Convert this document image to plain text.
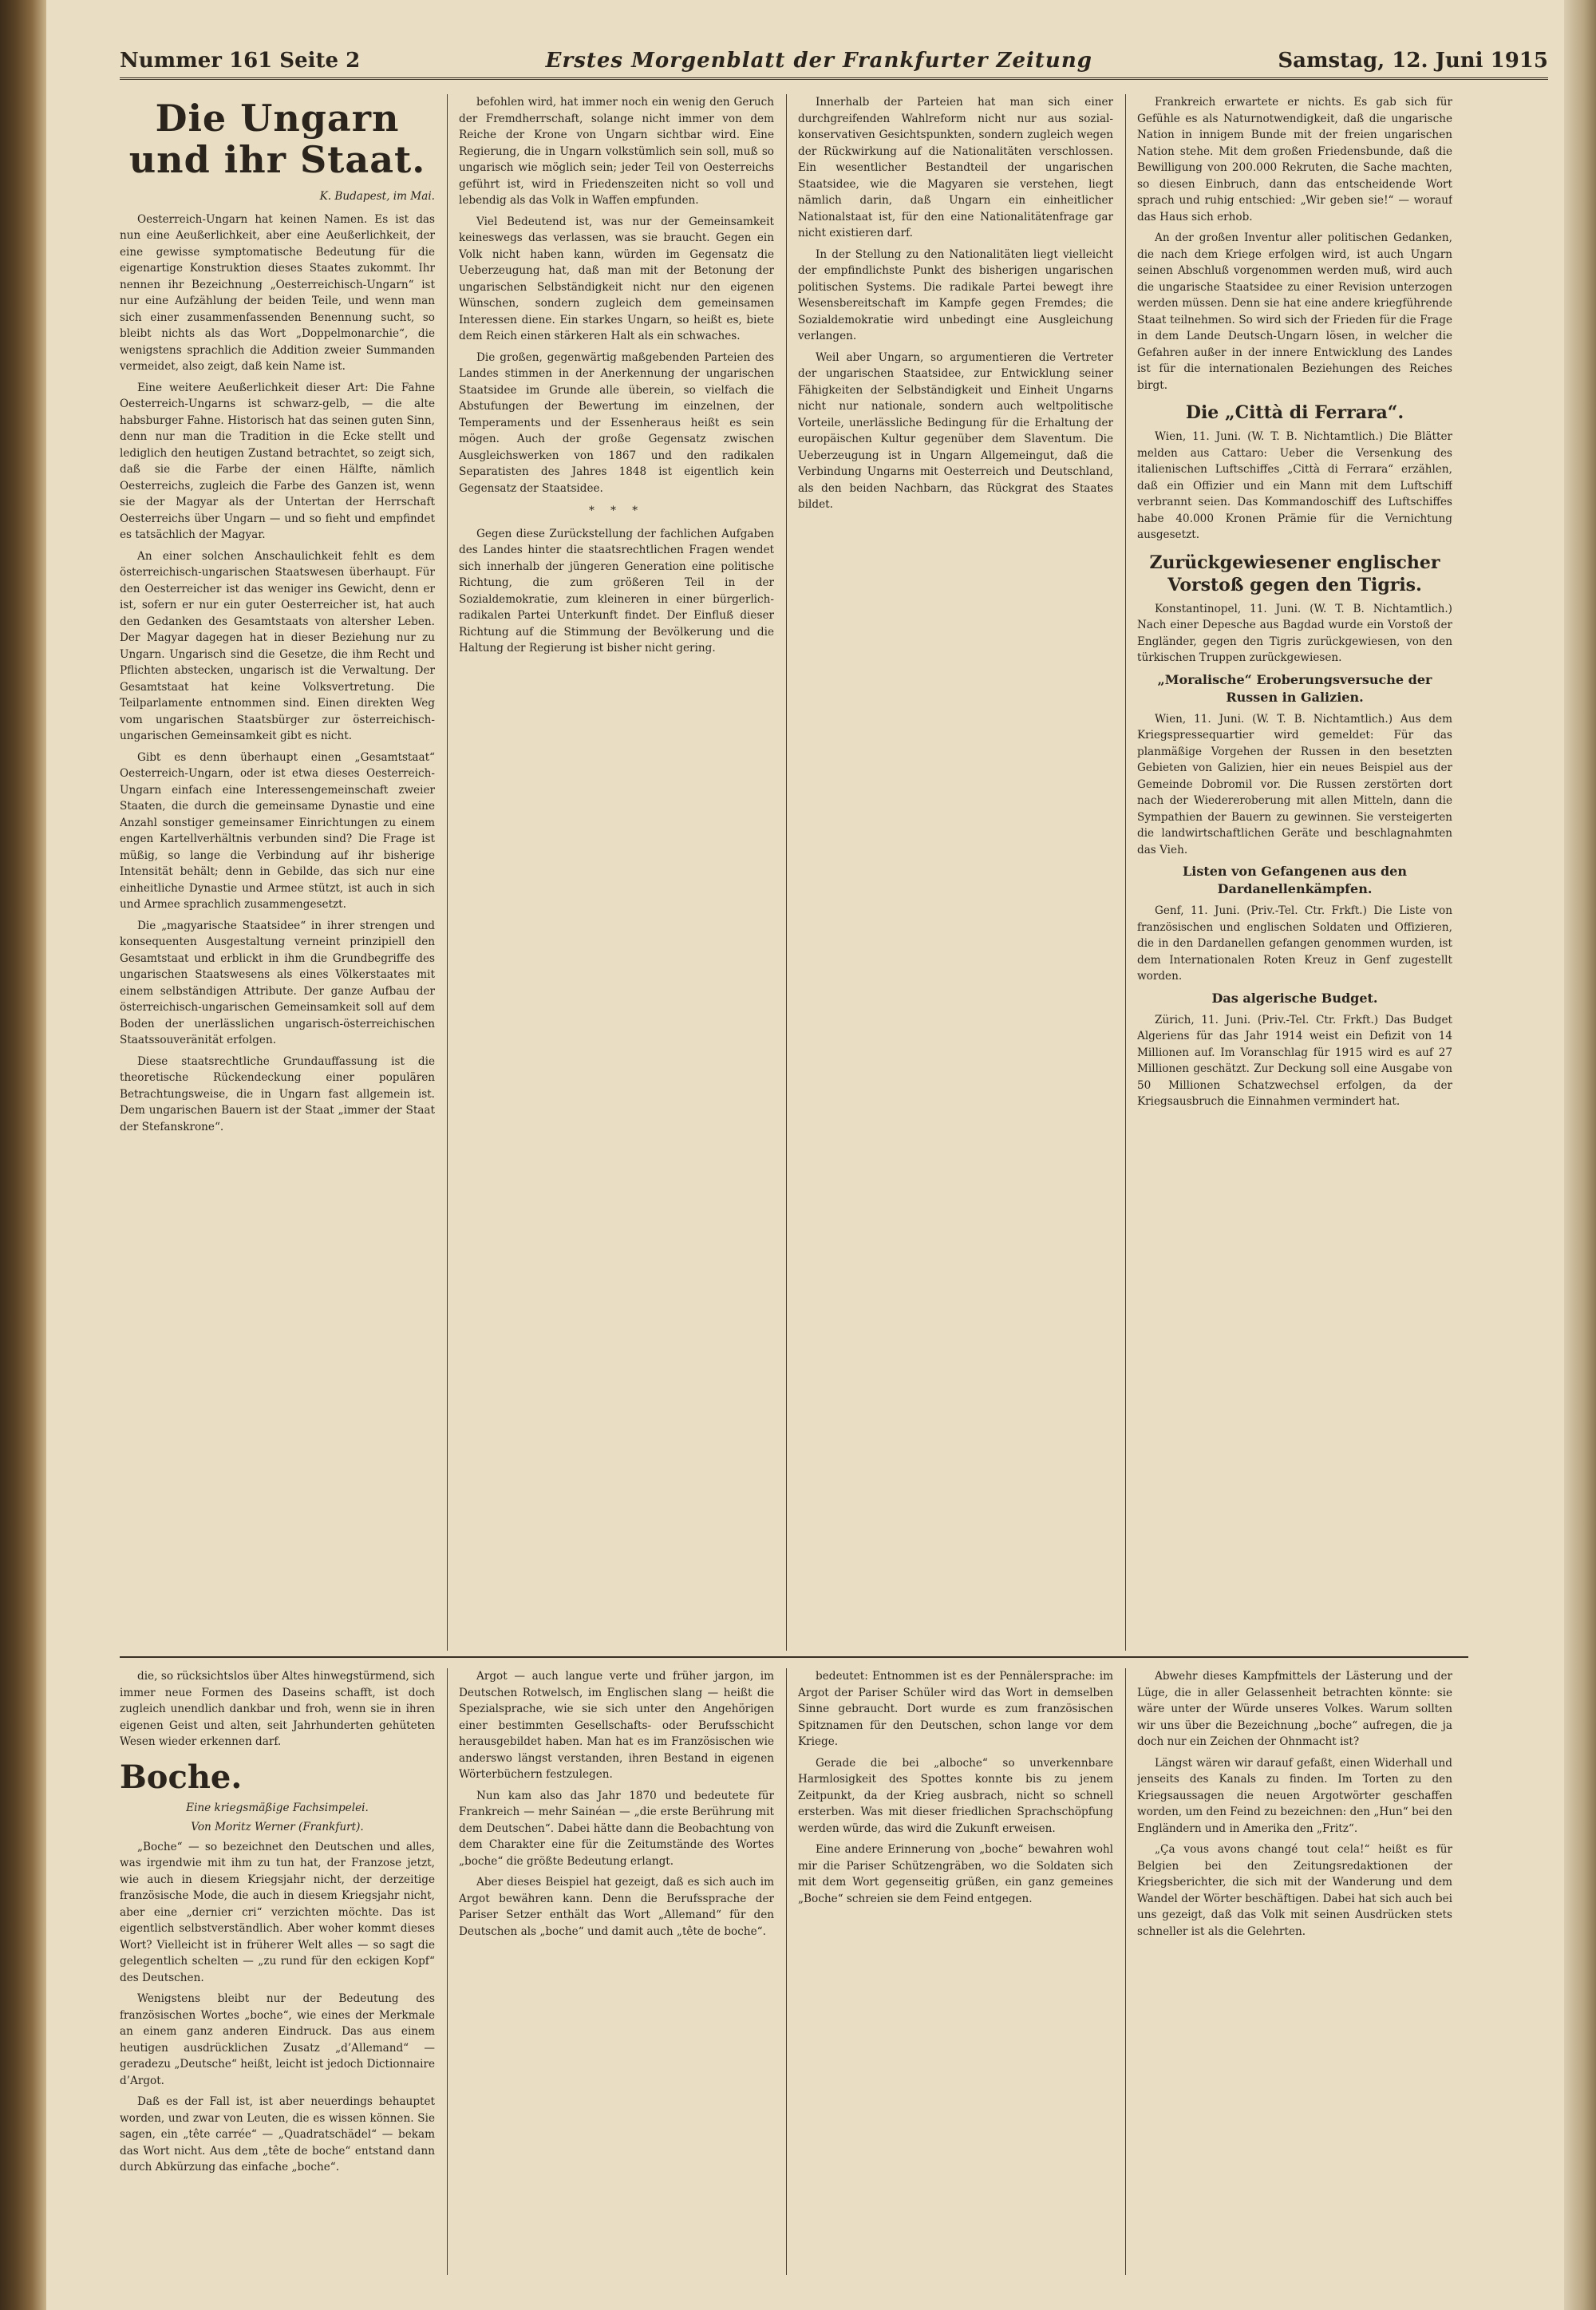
Nummer 161 Seite 2	Erstes Morgenblatt der Frankfurter Zeitung	Samstag, 12. Juni 1915
Die Ungarn und ihr Staat.
K. Budapest, im Mai.

Oesterreich-Ungarn hat keinen Namen. Es ist das nun eine Aeußerlichkeit, aber eine Aeußerlichkeit, der eine gewisse symptomatische Bedeutung für die eigenartige Konstruktion dieses Staates zukommt. Ihr nennen ihr Bezeichnung „Oesterreichisch-Ungarn“ ist nur eine Aufzählung der beiden Teile, und wenn man sich einer zusammenfassenden Benennung sucht, so bleibt nichts als das Wort „Doppelmonarchie“, die wenigstens sprachlich die Addition zweier Summanden vermeidet, also zeigt, daß kein Name ist.

Eine weitere Aeußerlichkeit dieser Art: Die Fahne Oesterreich-Ungarns ist schwarz-gelb, — die alte habsburger Fahne. Historisch hat das seinen guten Sinn, denn nur man die Tradition in die Ecke stellt und lediglich den heutigen Zustand betrachtet, so zeigt sich, daß sie die Farbe der einen Hälfte, nämlich Oesterreichs, zugleich die Farbe des Ganzen ist, wenn sie der Magyar als der Untertan der Herrschaft Oesterreichs über Ungarn — und so fieht und empfindet es tatsächlich der Magyar.

An einer solchen Anschaulichkeit fehlt es dem österreichisch-ungarischen Staatswesen überhaupt. Für den Oesterreicher ist das weniger ins Gewicht, denn er ist, sofern er nur ein guter Oesterreicher ist, hat auch den Gedanken des Gesamtstaats von altersher Leben. Der Magyar dagegen hat in dieser Beziehung nur zu Ungarn. Ungarisch sind die Gesetze, die ihm Recht und Pflichten abstecken, ungarisch ist die Verwaltung. Der Gesamtstaat hat keine Volksvertretung. Die Teilparlamente entnommen sind. Einen direkten Weg vom ungarischen Staatsbürger zur österreichisch-ungarischen Gemeinsamkeit gibt es nicht.

Gibt es denn überhaupt einen „Gesamtstaat“ Oesterreich-Ungarn, oder ist etwa dieses Oesterreich-Ungarn einfach eine Interessengemeinschaft zweier Staaten, die durch die gemeinsame Dynastie und eine Anzahl sonstiger gemeinsamer Einrichtungen zu einem engen Kartellverhältnis verbunden sind? Die Frage ist müßig, so lange die Verbindung auf ihr bisherige Intensität behält; denn in Gebilde, das sich nur eine einheitliche Dynastie und Armee stützt, ist auch in sich und Armee sprachlich zusammengesetzt.

Die „magyarische Staatsidee“ in ihrer strengen und konsequenten Ausgestaltung verneint prinzipiell den Gesamtstaat und erblickt in ihm die Grundbegriffe des ungarischen Staatswesens als eines Völkerstaates mit einem selbständigen Attribute. Der ganze Aufbau der österreichisch-ungarischen Gemeinsamkeit soll auf dem Boden der unerlässlichen ungarisch-österreichischen Staatssouveränität erfolgen.

Diese staatsrechtliche Grundauffassung ist die theoretische Rückendeckung einer populären Betrachtungsweise, die in Ungarn fast allgemein ist. Dem ungarischen Bauern ist der Staat „immer der Staat der Stefanskrone“.

befohlen wird, hat immer noch ein wenig den Geruch der Fremdherrschaft, solange nicht immer von dem Reiche der Krone von Ungarn sichtbar wird. Eine Regierung, die in Ungarn volkstümlich sein soll, muß so ungarisch wie möglich sein; jeder Teil von Oesterreichs geführt ist, wird in Friedenszeiten nicht so voll und lebendig als das Volk in Waffen empfunden.

Viel Bedeutend ist, was nur der Gemeinsamkeit keineswegs das verlassen, was sie braucht. Gegen ein Volk nicht haben kann, würden im Gegensatz die Ueberzeugung hat, daß man mit der Betonung der ungarischen Selbständigkeit nicht nur den eigenen Wünschen, sondern zugleich dem gemeinsamen Interessen diene. Ein starkes Ungarn, so heißt es, biete dem Reich einen stärkeren Halt als ein schwaches.

Die großen, gegenwärtig maßgebenden Parteien des Landes stimmen in der Anerkennung der ungarischen Staatsidee im Grunde alle überein, so vielfach die Abstufungen der Bewertung im einzelnen, der Temperaments und der Essenheraus heißt es sein mögen. Auch der große Gegensatz zwischen Ausgleichswerken von 1867 und den radikalen Separatisten des Jahres 1848 ist eigentlich kein Gegensatz der Staatsidee.

* * *

Gegen diese Zurückstellung der fachlichen Aufgaben des Landes hinter die staatsrechtlichen Fragen wendet sich innerhalb der jüngeren Generation eine politische Richtung, die zum größeren Teil in der Sozialdemokratie, zum kleineren in einer bürgerlich-radikalen Partei Unterkunft findet. Der Einfluß dieser Richtung auf die Stimmung der Bevölkerung und die Haltung der Regierung ist bisher nicht gering.

Innerhalb der Parteien hat man sich einer durchgreifenden Wahlreform nicht nur aus sozial-konservativen Gesichtspunkten, sondern zugleich wegen der Rückwirkung auf die Nationalitäten verschlossen. Ein wesentlicher Bestandteil der ungarischen Staatsidee, wie die Magyaren sie verstehen, liegt nämlich darin, daß Ungarn ein einheitlicher Nationalstaat ist, für den eine Nationalitätenfrage gar nicht existieren darf.

In der Stellung zu den Nationalitäten liegt vielleicht der empfindlichste Punkt des bisherigen ungarischen politischen Systems. Die radikale Partei bewegt ihre Wesensbereitschaft im Kampfe gegen Fremdes; die Sozialdemokratie wird unbedingt eine Ausgleichung verlangen.

Weil aber Ungarn, so argumentieren die Vertreter der ungarischen Staatsidee, zur Entwicklung seiner Fähigkeiten der Selbständigkeit und Einheit Ungarns nicht nur nationale, sondern auch weltpolitische Vorteile, unerlässliche Bedingung für die Erhaltung der europäischen Kultur gegenüber dem Slaventum. Die Ueberzeugung ist in Ungarn Allgemeingut, daß die Verbindung Ungarns mit Oesterreich und Deutschland, als den beiden Nachbarn, das Rückgrat des Staates bildet.

Frankreich erwartete er nichts. Es gab sich für Gefühle es als Naturnotwendigkeit, daß die ungarische Nation in innigem Bunde mit der freien ungarischen Nation stehe. Mit dem großen Friedensbunde, daß die Bewilligung von 200.000 Rekruten, die Sache machten, so diesen Einbruch, dann das entscheidende Wort sprach und ruhig entschied: „Wir geben sie!“ — worauf das Haus sich erhob.

An der großen Inventur aller politischen Gedanken, die nach dem Kriege erfolgen wird, ist auch Ungarn seinen Abschluß vorgenommen werden muß, wird auch die ungarische Staatsidee zu einer Revision unterzogen werden müssen. Denn sie hat eine andere kriegführende Staat teilnehmen. So wird sich der Frieden für die Frage in dem Lande Deutsch-Ungarn lösen, in welcher die Gefahren außer in der innere Entwicklung des Landes ist für die internationalen Beziehungen des Reiches birgt.

Die „Città di Ferrara“.

Wien, 11. Juni. (W. T. B. Nichtamtlich.) Die Blätter melden aus Cattaro: Ueber die Versenkung des italienischen Luftschiffes „Città di Ferrara“ erzählen, daß ein Offizier und ein Mann mit dem Luftschiff verbrannt seien. Das Kommandoschiff des Luftschiffes habe 40.000 Kronen Prämie für die Vernichtung ausgesetzt.

Zurückgewiesener englischer Vorstoß gegen den Tigris.

Konstantinopel, 11. Juni. (W. T. B. Nichtamtlich.) Nach einer Depesche aus Bagdad wurde ein Vorstoß der Engländer, gegen den Tigris zurückgewiesen, von den türkischen Truppen zurückgewiesen.

„Moralische“ Eroberungsversuche der Russen in Galizien.

Wien, 11. Juni. (W. T. B. Nichtamtlich.) Aus dem Kriegspressequartier wird gemeldet: Für das planmäßige Vorgehen der Russen in den besetzten Gebieten von Galizien, hier ein neues Beispiel aus der Gemeinde Dobromil vor. Die Russen zerstörten dort nach der Wiedereroberung mit allen Mitteln, dann die Sympathien der Bauern zu gewinnen. Sie versteigerten die landwirtschaftlichen Geräte und beschlagnahmten das Vieh.

Listen von Gefangenen aus den Dardanellenkämpfen.

Genf, 11. Juni. (Priv.-Tel. Ctr. Frkft.) Die Liste von französischen und englischen Soldaten und Offizieren, die in den Dardanellen gefangen genommen wurden, ist dem Internationalen Roten Kreuz in Genf zugestellt worden.

Das algerische Budget.

Zürich, 11. Juni. (Priv.-Tel. Ctr. Frkft.) Das Budget Algeriens für das Jahr 1914 weist ein Defizit von 14 Millionen auf. Im Voranschlag für 1915 wird es auf 27 Millionen geschätzt. Zur Deckung soll eine Ausgabe von 50 Millionen Schatzwechsel erfolgen, da der Kriegsausbruch die Einnahmen vermindert hat.

die, so rücksichtslos über Altes hinwegstürmend, sich immer neue Formen des Daseins schafft, ist doch zugleich unendlich dankbar und froh, wenn sie in ihren eigenen Geist und alten, seit Jahrhunderten gehüteten Wesen wieder erkennen darf.

Boche.
Eine kriegsmäßige Fachsimpelei.
Von Moritz Werner (Frankfurt).

„Boche“ — so bezeichnet den Deutschen und alles, was irgendwie mit ihm zu tun hat, der Franzose jetzt, wie auch in diesem Kriegsjahr nicht, der derzeitige französische Mode, die auch in diesem Kriegsjahr nicht, aber eine „dernier cri“ verzichten möchte. Das ist eigentlich selbstverständlich. Aber woher kommt dieses Wort? Vielleicht ist in früherer Welt alles — so sagt die gelegentlich schelten — „zu rund für den eckigen Kopf“ des Deutschen.

Wenigstens bleibt nur der Bedeutung des französischen Wortes „boche“, wie eines der Merkmale an einem ganz anderen Eindruck. Das aus einem heutigen ausdrücklichen Zusatz „d’Allemand“ — geradezu „Deutsche“ heißt, leicht ist jedoch Dictionnaire d’Argot.

Daß es der Fall ist, ist aber neuerdings behauptet worden, und zwar von Leuten, die es wissen können. Sie sagen, ein „tête carrée“ — „Quadratschädel“ — bekam das Wort nicht. Aus dem „tête de boche“ entstand dann durch Abkürzung das einfache „boche“.

Argot — auch langue verte und früher jargon, im Deutschen Rotwelsch, im Englischen slang — heißt die Spezialsprache, wie sie sich unter den Angehörigen einer bestimmten Gesellschafts- oder Berufsschicht herausgebildet haben. Man hat es im Französischen wie anderswo längst verstanden, ihren Bestand in eigenen Wörterbüchern festzulegen.

Nun kam also das Jahr 1870 und bedeutete für Frankreich — mehr Sainéan — „die erste Berührung mit dem Deutschen“. Dabei hätte dann die Beobachtung von dem Charakter eine für die Zeitumstände des Wortes „boche“ die größte Bedeutung erlangt.

Aber dieses Beispiel hat gezeigt, daß es sich auch im Argot bewähren kann. Denn die Berufssprache der Pariser Setzer enthält das Wort „Allemand“ für den Deutschen als „boche“ und damit auch „tête de boche“.

bedeutet: Entnommen ist es der Pennälersprache: im Argot der Pariser Schüler wird das Wort in demselben Sinne gebraucht. Dort wurde es zum französischen Spitznamen für den Deutschen, schon lange vor dem Kriege.

Gerade die bei „alboche“ so unverkennbare Harmlosigkeit des Spottes konnte bis zu jenem Zeitpunkt, da der Krieg ausbrach, nicht so schnell ersterben. Was mit dieser friedlichen Sprachschöpfung werden würde, das wird die Zukunft erweisen.

Eine andere Erinnerung von „boche“ bewahren wohl mir die Pariser Schützengräben, wo die Soldaten sich mit dem Wort gegenseitig grüßen, ein ganz gemeines „Boche“ schreien sie dem Feind entgegen.

Abwehr dieses Kampfmittels der Lästerung und der Lüge, die in aller Gelassenheit betrachten könnte: sie wäre unter der Würde unseres Volkes. Warum sollten wir uns über die Bezeichnung „boche“ aufregen, die ja doch nur ein Zeichen der Ohnmacht ist?

Längst wären wir darauf gefaßt, einen Widerhall und jenseits des Kanals zu finden. Im Torten zu den Kriegsaussagen die neuen Argotwörter geschaffen worden, um den Feind zu bezeichnen: den „Hun“ bei den Engländern und in Amerika den „Fritz“.

„Ça vous avons changé tout cela!“ heißt es für Belgien bei den Zeitungsredaktionen der Kriegsberichter, die sich mit der Wanderung und dem Wandel der Wörter beschäftigen. Dabei hat sich auch bei uns gezeigt, daß das Volk mit seinen Ausdrücken stets schneller ist als die Gelehrten.
